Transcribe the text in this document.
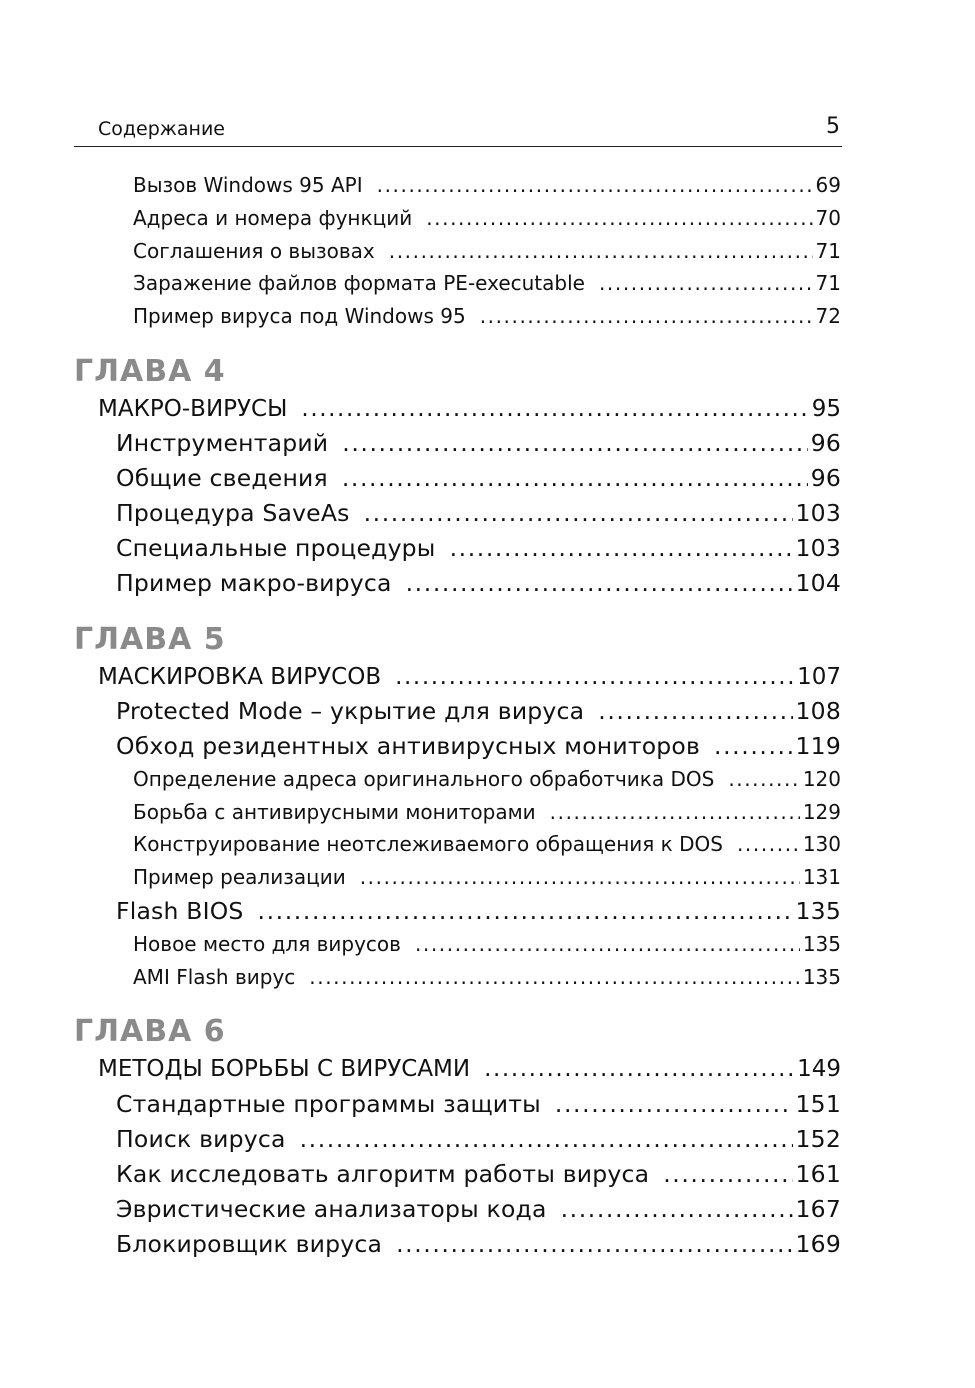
Содержание	5
Вызов Windows 95 API .....	69
Адреса и номера функций .....	70
Соглашения о вызовах .....	71
Заражение файлов формата PE-executable .....	71
Пример вируса под Windows 95 .....	72
ГЛАВА 4
МАКРО-ВИРУСЫ .....	95
Инструментарий .....	96
Общие сведения .....	96
Процедура SaveAs .....	103
Специальные процедуры .....	103
Пример макро-вируса .....	104
ГЛАВА 5
МАСКИРОВКА ВИРУСОВ .....	107
Protected Mode – укрытие для вируса .....	108
Обход резидентных антивирусных мониторов .....	119
Определение адреса оригинального обработчика DOS .....	120
Борьба с антивирусными мониторами .....	129
Конструирование неотслеживаемого обращения к DOS .....	130
Пример реализации .....	131
Flash BIOS .....	135
Новое место для вирусов .....	135
AMI Flash вирус .....	135
ГЛАВА 6
МЕТОДЫ БОРЬБЫ С ВИРУСАМИ .....	149
Стандартные программы защиты .....	151
Поиск вируса .....	152
Как исследовать алгоритм работы вируса .....	161
Эвристические анализаторы кода .....	167
Блокировщик вируса .....	169
